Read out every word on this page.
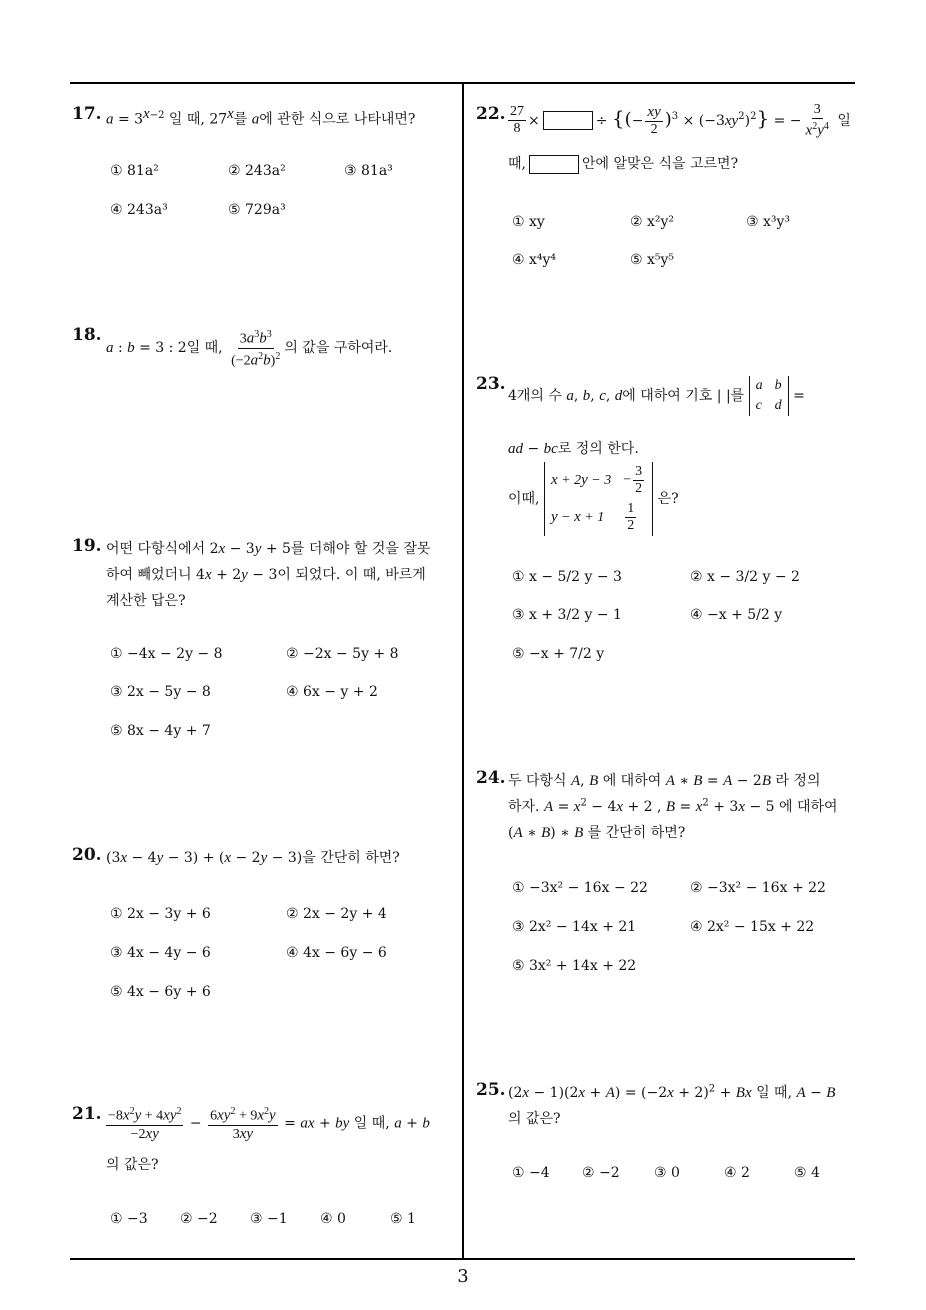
17. $a = 3^{x-2}$ 일 때, 27$^x$를 a에 관한 식으로 나타내면?
① 81a²	② 243a²	③ 81a³
④ 243a³	⑤ 729a³
18.
a : b = 3 : 2일 때, $\frac{3a^3b^3}{(-2a^2b)^2}$ 의 값을 구하여라.
19. 어떤 다항식에서 2x − 3y + 5를 더해야 할 것을 잘못
하여 빼었더니 4x + 2y − 3이 되었다. 이 때, 바르게
계산한 답은?
① −4x − 2y − 8	② −2x − 5y + 8
③ 2x − 5y − 8	④ 6x − y + 2
⑤ 8x − 4y + 7
20. (3x − 4y − 3) + (x − 2y − 3)을 간단히 하면?
① 2x − 3y + 6	② 2x − 2y + 4
③ 4x − 4y − 6	④ 4x − 6y − 6
⑤ 4x − 6y + 6
21. $\frac{-8x^2y + 4xy^2}{-2xy} - \frac{6xy^2 + 9x^2y}{3xy}$ = ax + by 일 때, a + b
의 값은?
① −3 ② −2 ③ −1 ④ 0	⑤ 1
22. $\frac{27}{8}$ ×	÷ {(− $\frac{xy}{2} )^3 \times (-3xy^2)^2$} = − $\frac{3}{x^2y^4}$ 일
때,	안에 알맞은 식을 고르면?
① xy	② x²y²	③ x³y³
④ x⁴y⁴	⑤ x⁵y⁵
23.
4개의 수 a, b, c, d에 대하여 기호 | |를 a	b
c	d =
ad − bc로 정의 한다.
이때, x + 2y − 3	− $\frac{3}{2}$

y − x + 1	$\frac{1}{2}$
은?
① x − 5/2 y − 3	② x − 3/2 y − 2
③ x + 3/2 y − 1	④ −x + 5/2 y
⑤ −x + 7/2 y
24. 두 다항식 A, B 에 대하여 A ∗ B = A − 2B 라 정의
하자. $A = x^2 - 4x + 2$ , $B = x^2 + 3x - 5$ 에 대하여
(A ∗ B) ∗ B 를 간단히 하면?
① −3x² − 16x − 22	② −3x² − 16x + 22
③ 2x² − 14x + 21	④ 2x² − 15x + 22
⑤ 3x² + 14x + 22
25. $(2x - 1)(2x + A) = (-2x + 2)^2 + Bx$ 일 때, A − B
의 값은?
① −4 ② −2 ③ 0	④ 2	⑤ 4
3
